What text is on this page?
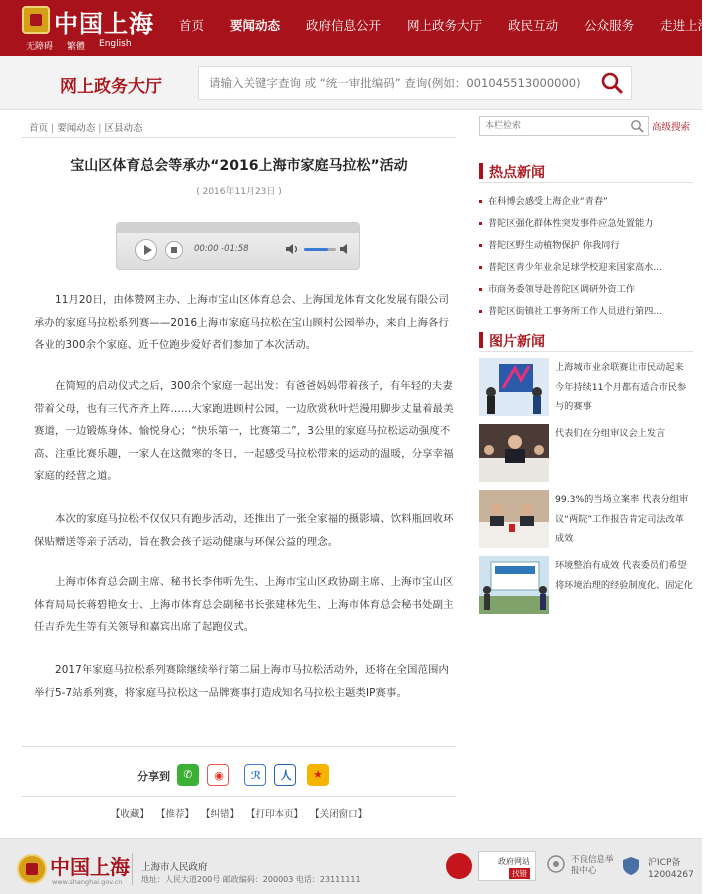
中国上海
无障碍 繁體 English
首页	要闻动态	政府信息公开	网上政务大厅	政民互动	公众服务	走进上海
网上政务大厅
请输入关键字查询 或 “统一审批编码” 查询(例如：001045513000000)
首页 | 要闻动态 | 区县动态
宝山区体育总会等承办“2016上海市家庭马拉松”活动
( 2016年11月23日 )
00:00 -01:58
11月20日，由体赞网主办、上海市宝山区体育总会、上海国龙体育文化发展有限公司承办的家庭马拉松系列赛——2016上海市家庭马拉松在宝山顾村公园举办，来自上海各行各业的300余个家庭、近千位跑步爱好者们参加了本次活动。
在简短的启动仪式之后，300余个家庭一起出发：有爸爸妈妈带着孩子，有年轻的夫妻带着父母，也有三代齐齐上阵……大家跑进顾村公园，一边欣赏秋叶烂漫用脚步丈量着最美赛道，一边锻炼身体、愉悦身心；“快乐第一，比赛第二”，3公里的家庭马拉松运动强度不高、注重比赛乐趣，一家人在这微寒的冬日，一起感受马拉松带来的运动的温暖，分享幸福家庭的经营之道。
本次的家庭马拉松不仅仅只有跑步活动，还推出了一张全家福的摄影墙、饮料瓶回收环保贴赠送等亲子活动，旨在教会孩子运动健康与环保公益的理念。
上海市体育总会副主席、秘书长李伟听先生、上海市宝山区政协副主席、上海市宝山区体育局局长蒋碧艳女士、上海市体育总会副秘书长张建林先生、上海市体育总会秘书处副主任吉乔先生等有关领导和嘉宾出席了起跑仪式。
2017年家庭马拉松系列赛除继续举行第二届上海市马拉松活动外，还将在全国范围内举行5-7站系列赛，将家庭马拉松这一品牌赛事打造成知名马拉松主题类IP赛事。
分享到	✆	◉	ℛ	人	★
【收藏】 【推荐】 【纠错】 【打印本页】 【关闭窗口】
本栏检索
高级搜索
热点新闻
在科博会感受上海企业“青春”
普陀区强化群体性突发事件应急处置能力
普陀区野生动植物保护 你我同行
普陀区青少年业余足球学校迎来国家高水...
市商务委领导赴普陀区调研外资工作
普陀区街镇社工事务所工作人员进行第四...
图片新闻
上海城市业余联赛让市民动起来 今年持续11个月都有适合市民参与的赛事
代表们在分组审议会上发言
99.3%的当场立案率 代表分组审议“两院”工作报告肯定司法改革成效
环境整治有成效 代表委员们希望将环境治理的经验制度化、固定化
中国上海
www.shanghai.gov.cn
上海市人民政府
地址：人民大道200号 邮政编码：200003 电话：23111111
政府网站
找错
不良信息举报中心
沪ICP备12004267
